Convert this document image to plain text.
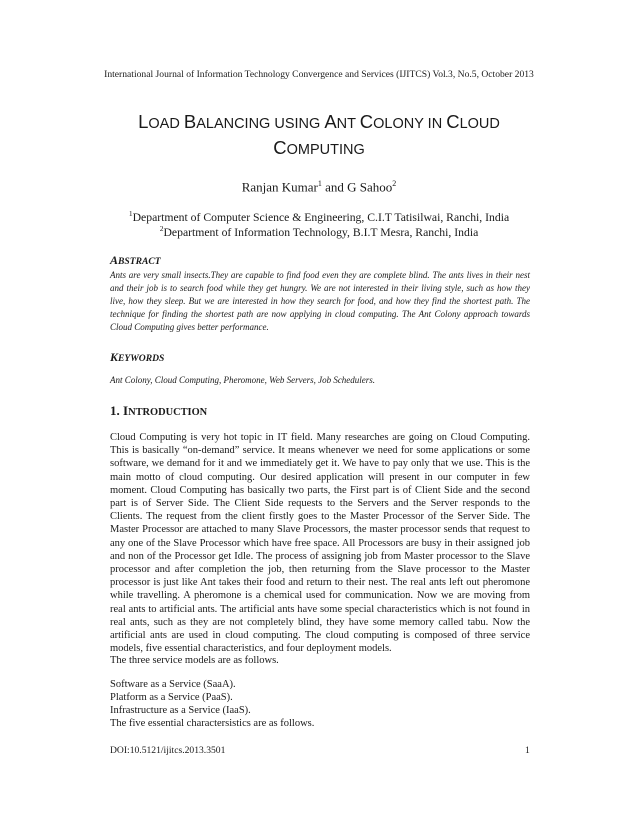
International Journal of Information Technology Convergence and Services (IJITCS) Vol.3, No.5, October 2013
LOAD BALANCING USING ANT COLONY IN CLOUD
COMPUTING
Ranjan Kumar$^1$ and G Sahoo$^2$
$^1$Department of Computer Science & Engineering, C.I.T Tatisilwai, Ranchi, India
$^2$Department of Information Technology, B.I.T Mesra, Ranchi, India
ABSTRACT
Ants are very small insects.They are capable to find food even they are complete blind. The ants lives in their nest and their job is to search food while they get hungry. We are not interested in their living style, such as how they live, how they sleep. But we are interested in how they search for food, and how they find the shortest path. The technique for finding the shortest path are now applying in cloud computing. The Ant Colony approach towards Cloud Computing gives better performance.
KEYWORDS
Ant Colony, Cloud Computing, Pheromone, Web Servers, Job Schedulers.
1. INTRODUCTION
Cloud Computing is very hot topic in IT field. Many researches are going on Cloud Computing. This is basically “on-demand” service. It means whenever we need for some applications or some software, we demand for it and we immediately get it. We have to pay only that we use. This is the main motto of cloud computing. Our desired application will present in our computer in few moment. Cloud Computing has basically two parts, the First part is of Client Side and the second part is of Server Side. The Client Side requests to the Servers and the Server responds to the Clients. The request from the client firstly goes to the Master Processor of the Server Side. The Master Processor are attached to many Slave Processors, the master processor sends that request to any one of the Slave Processor which have free space. All Processors are busy in their assigned job and non of the Processor get Idle. The process of assigning job from Master processor to the Slave processor and after completion the job, then returning from the Slave processor to the Master processor is just like Ant takes their food and return to their nest. The real ants left out pheromone while travelling. A pheromone is a chemical used for communication. Now we are moving from real ants to artificial ants. The artificial ants have some special characteristics which is not found in real ants, such as they are not completely blind, they have some memory called tabu. Now the artificial ants are used in cloud computing. The cloud computing is composed of three service models, five essential characteristics, and four deployment models.
The three service models are as follows.
Software as a Service (SaaA).
Platform as a Service (PaaS).
Infrastructure as a Service (IaaS).
The five essential charactersistics are as follows.
DOI:10.5121/ijitcs.2013.3501	1
